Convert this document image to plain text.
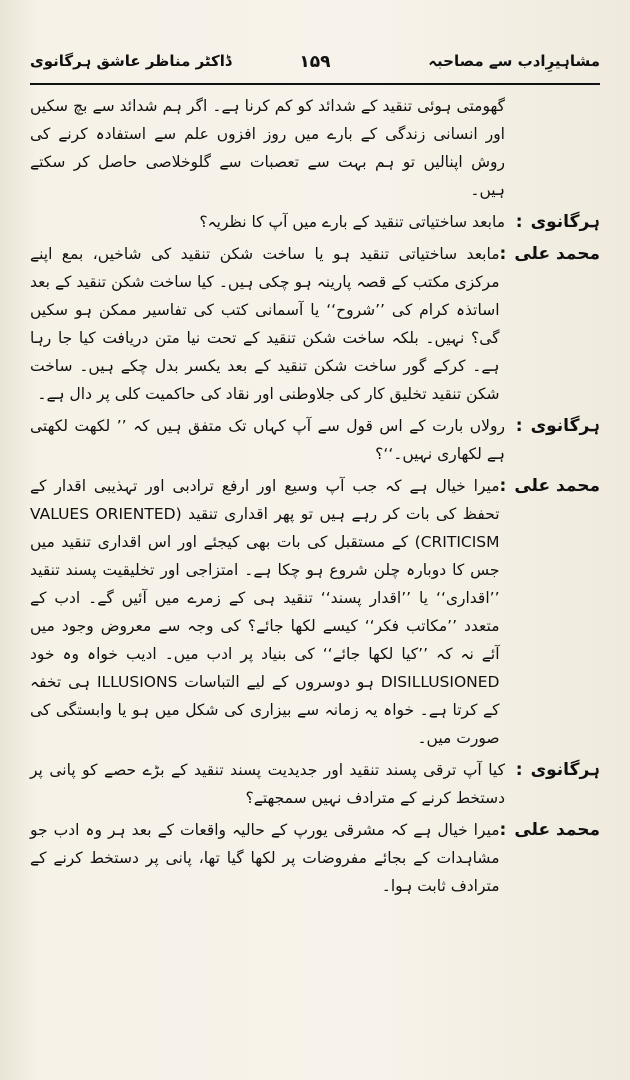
مشاہیرِادب سے مصاحبہ
۱۵۹
ڈاکٹر مناظر عاشق ہرگانوی
گھومتی ہوئی تنقید کے شدائد کو کم کرنا ہے۔ اگر ہم شدائد سے بچ سکیں اور انسانی زندگی کے بارے میں روز افزوں علم سے استفادہ کرنے کی روش اپنالیں تو ہم بہت سے تعصبات سے گلوخلاصی حاصل کر سکتے ہیں۔
ہرگانوی:
مابعد ساختیاتی تنقید کے بارے میں آپ کا نظریہ؟
محمد علی:
مابعد ساختیاتی تنقید ہو یا ساخت شکن تنقید کی شاخیں، بمع اپنے مرکزی مکتب کے قصہ پارینہ ہو چکی ہیں۔ کیا ساخت شکن تنقید کے بعد اساتذہ کرام کی ’’شروح‘‘ یا آسمانی کتب کی تفاسیر ممکن ہو سکیں گی؟ نہیں۔ بلکہ ساخت شکن تنقید کے تحت نیا متن دریافت کیا جا رہا ہے۔ کرکے گور ساخت شکن تنقید کے بعد یکسر بدل چکے ہیں۔ ساخت شکن تنقید تخلیق کار کی جلاوطنی اور نقاد کی حاکمیت کلی پر دال ہے۔
ہرگانوی:
رولاں بارت کے اس قول سے آپ کہاں تک متفق ہیں کہ ’’ لکھت لکھتی ہے لکھاری نہیں۔‘‘؟
محمد علی:
میرا خیال ہے کہ جب آپ وسیع اور ارفع ترادبی اور تہذیبی اقدار کے تحفظ کی بات کر رہے ہیں تو پھر اقداری تنقید (VALUES ORIENTED CRITICISM) کے مستقبل کی بات بھی کیجئے اور اس اقداری تنقید میں جس کا دوبارہ چلن شروع ہو چکا ہے۔ امتزاجی اور تخلیقیت پسند تنقید ’’اقداری‘‘ یا ’’اقدار پسند‘‘ تنقید ہی کے زمرے میں آئیں گے۔ ادب کے متعدد ’’مکاتب فکر‘‘ کیسے لکھا جائے؟ کی وجہ سے معروض وجود میں آئے نہ کہ ’’کیا لکھا جائے‘‘ کی بنیاد پر ادب میں۔ ادیب خواہ وہ خود DISILLUSIONED ہو دوسروں کے لیے التباسات ILLUSIONS ہی تخفہ کے کرتا ہے۔ خواہ یہ زمانہ سے بیزاری کی شکل میں ہو یا وابستگی کی صورت میں۔
ہرگانوی:
کیا آپ ترقی پسند تنقید اور جدیدیت پسند تنقید کے بڑے حصے کو پانی پر دستخط کرنے کے مترادف نہیں سمجھتے؟
محمد علی:
میرا خیال ہے کہ مشرقی یورپ کے حالیہ واقعات کے بعد ہر وہ ادب جو مشاہدات کے بجائے مفروضات پر لکھا گیا تھا، پانی پر دستخط کرنے کے مترادف ثابت ہوا۔
